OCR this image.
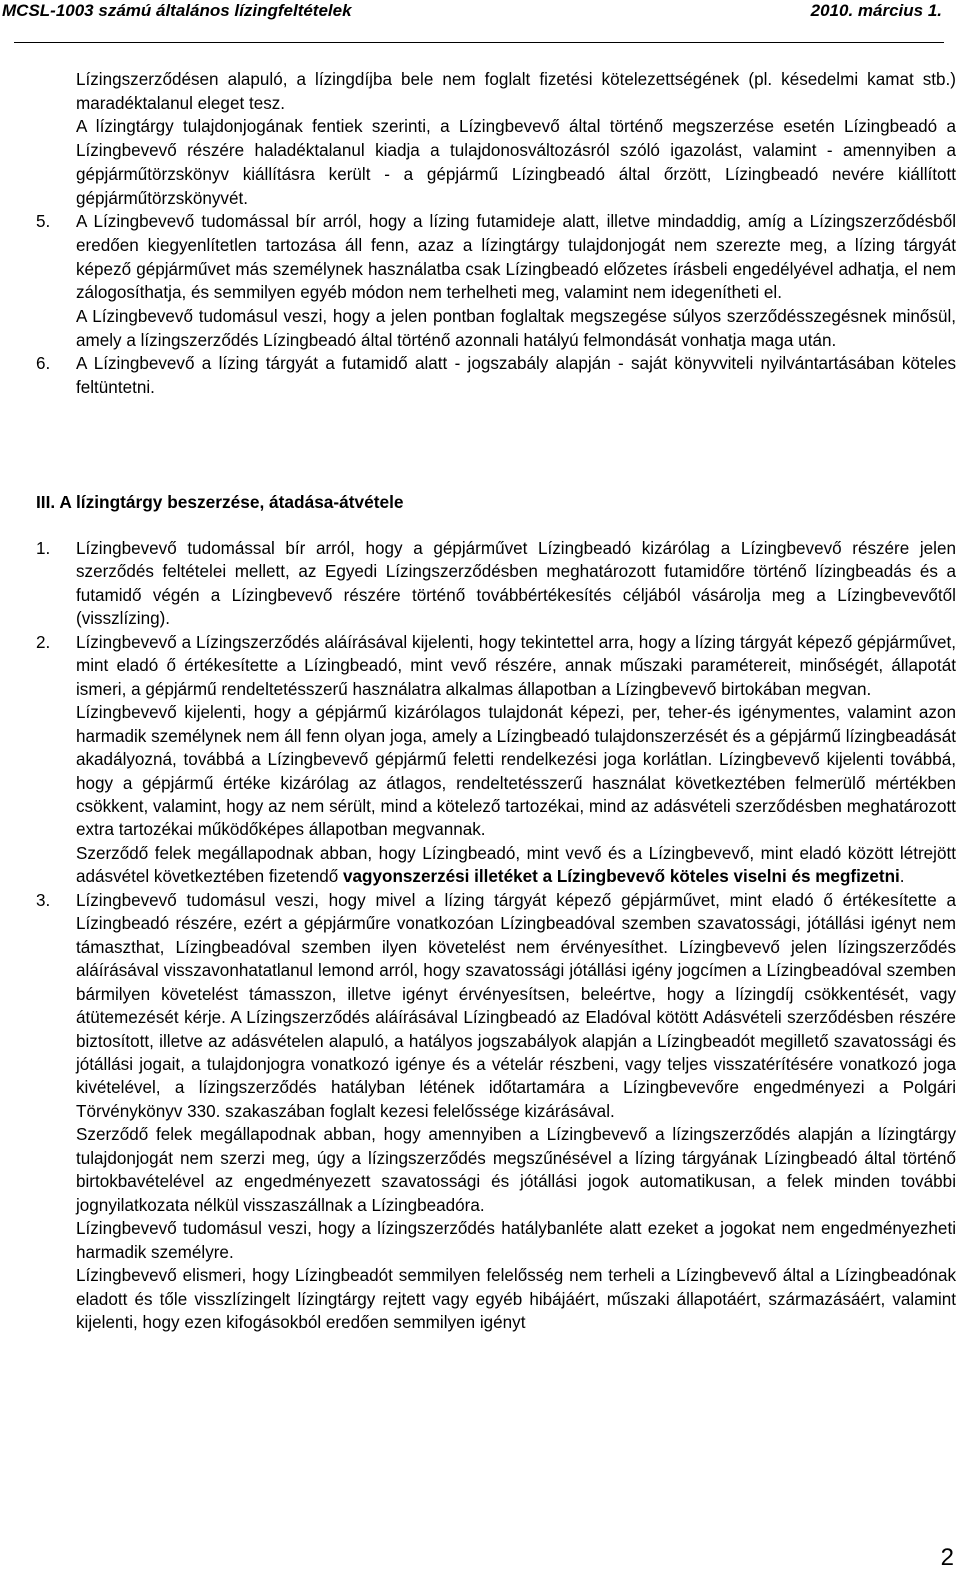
MCSL-1003 számú általános lízingfeltételek	2010. március 1.

Lízingszerződésen alapuló, a lízingdíjba bele nem foglalt fizetési kötelezettségének (pl. késedelmi kamat stb.) maradéktalanul eleget tesz.

A lízingtárgy tulajdonjogának fentiek szerinti, a Lízingbevevő által történő megszerzése esetén Lízingbeadó a Lízingbevevő részére haladéktalanul kiadja a tulajdonosváltozásról szóló igazolást, valamint - amennyiben a gépjárműtörzskönyv kiállításra került - a gépjármű Lízingbeadó által őrzött, Lízingbeadó nevére kiállított gépjárműtörzskönyvét.

5. A Lízingbevevő tudomással bír arról, hogy a lízing futamideje alatt, illetve mindaddig, amíg a Lízingszerződésből eredően kiegyenlítetlen tartozása áll fenn, azaz a lízingtárgy tulajdonjogát nem szerezte meg, a lízing tárgyát képező gépjárművet más személynek használatba csak Lízingbeadó előzetes írásbeli engedélyével adhatja, el nem zálogosíthatja, és semmilyen egyéb módon nem terhelheti meg, valamint nem idegenítheti el.

A Lízingbevevő tudomásul veszi, hogy a jelen pontban foglaltak megszegése súlyos szerződésszegésnek minősül, amely a lízingszerződés Lízingbeadó által történő azonnali hatályú felmondását vonhatja maga után.

6. A Lízingbevevő a lízing tárgyát a futamidő alatt - jogszabály alapján - saját könyvviteli nyilvántartásában köteles feltüntetni.

III. A lízingtárgy beszerzése, átadása-átvétele
1. Lízingbevevő tudomással bír arról, hogy a gépjárművet Lízingbeadó kizárólag a Lízingbevevő részére jelen szerződés feltételei mellett, az Egyedi Lízingszerződésben meghatározott futamidőre történő lízingbeadás és a futamidő végén a Lízingbevevő részére történő továbbértékesítés céljából vásárolja meg a Lízingbevevőtől (visszlízing).

2. Lízingbevevő a Lízingszerződés aláírásával kijelenti, hogy tekintettel arra, hogy a lízing tárgyát képező gépjárművet, mint eladó ő értékesítette a Lízingbeadó, mint vevő részére, annak műszaki paramétereit, minőségét, állapotát ismeri, a gépjármű rendeltetésszerű használatra alkalmas állapotban a Lízingbevevő birtokában megvan.

Lízingbevevő kijelenti, hogy a gépjármű kizárólagos tulajdonát képezi, per, teher-és igénymentes, valamint azon harmadik személynek nem áll fenn olyan joga, amely a Lízingbeadó tulajdonszerzését és a gépjármű lízingbeadását akadályozná, továbbá a Lízingbevevő gépjármű feletti rendelkezési joga korlátlan. Lízingbevevő kijelenti továbbá, hogy a gépjármű értéke kizárólag az átlagos, rendeltetésszerű használat következtében felmerülő mértékben csökkent, valamint, hogy az nem sérült, mind a kötelező tartozékai, mind az adásvételi szerződésben meghatározott extra tartozékai működőképes állapotban megvannak.

Szerződő felek megállapodnak abban, hogy Lízingbeadó, mint vevő és a Lízingbevevő, mint eladó között létrejött adásvétel következtében fizetendő vagyonszerzési illetéket a Lízingbevevő köteles viselni és megfizetni.

3. Lízingbevevő tudomásul veszi, hogy mivel a lízing tárgyát képező gépjárművet, mint eladó ő értékesítette a Lízingbeadó részére, ezért a gépjárműre vonatkozóan Lízingbeadóval szemben szavatossági, jótállási igényt nem támaszthat, Lízingbeadóval szemben ilyen követelést nem érvényesíthet. Lízingbevevő jelen lízingszerződés aláírásával visszavonhatatlanul lemond arról, hogy szavatossági jótállási igény jogcímen a Lízingbeadóval szemben bármilyen követelést támasszon, illetve igényt érvényesítsen, beleértve, hogy a lízingdíj csökkentését, vagy átütemezését kérje. A Lízingszerződés aláírásával Lízingbeadó az Eladóval kötött Adásvételi szerződésben részére biztosított, illetve az adásvételen alapuló, a hatályos jogszabályok alapján a Lízingbeadót megillető szavatossági és jótállási jogait, a tulajdonjogra vonatkozó igénye és a vételár részbeni, vagy teljes visszatérítésére vonatkozó joga kivételével, a lízingszerződés hatályban létének időtartamára a Lízingbevevőre engedményezi a Polgári Törvénykönyv 330. szakaszában foglalt kezesi felelőssége kizárásával.

Szerződő felek megállapodnak abban, hogy amennyiben a Lízingbevevő a lízingszerződés alapján a lízingtárgy tulajdonjogát nem szerzi meg, úgy a lízingszerződés megszűnésével a lízing tárgyának Lízingbeadó által történő birtokbavételével az engedményezett szavatossági és jótállási jogok automatikusan, a felek minden további jognyilatkozata nélkül visszaszállnak a Lízingbeadóra.

Lízingbevevő tudomásul veszi, hogy a lízingszerződés hatálybanléte alatt ezeket a jogokat nem engedményezheti harmadik személyre.

Lízingbevevő elismeri, hogy Lízingbeadót semmilyen felelősség nem terheli a Lízingbevevő által a Lízingbeadónak eladott és tőle visszlízingelt lízingtárgy rejtett vagy egyéb hibájáért, műszaki állapotáért, származásáért, valamint kijelenti, hogy ezen kifogásokból eredően semmilyen igényt

2
